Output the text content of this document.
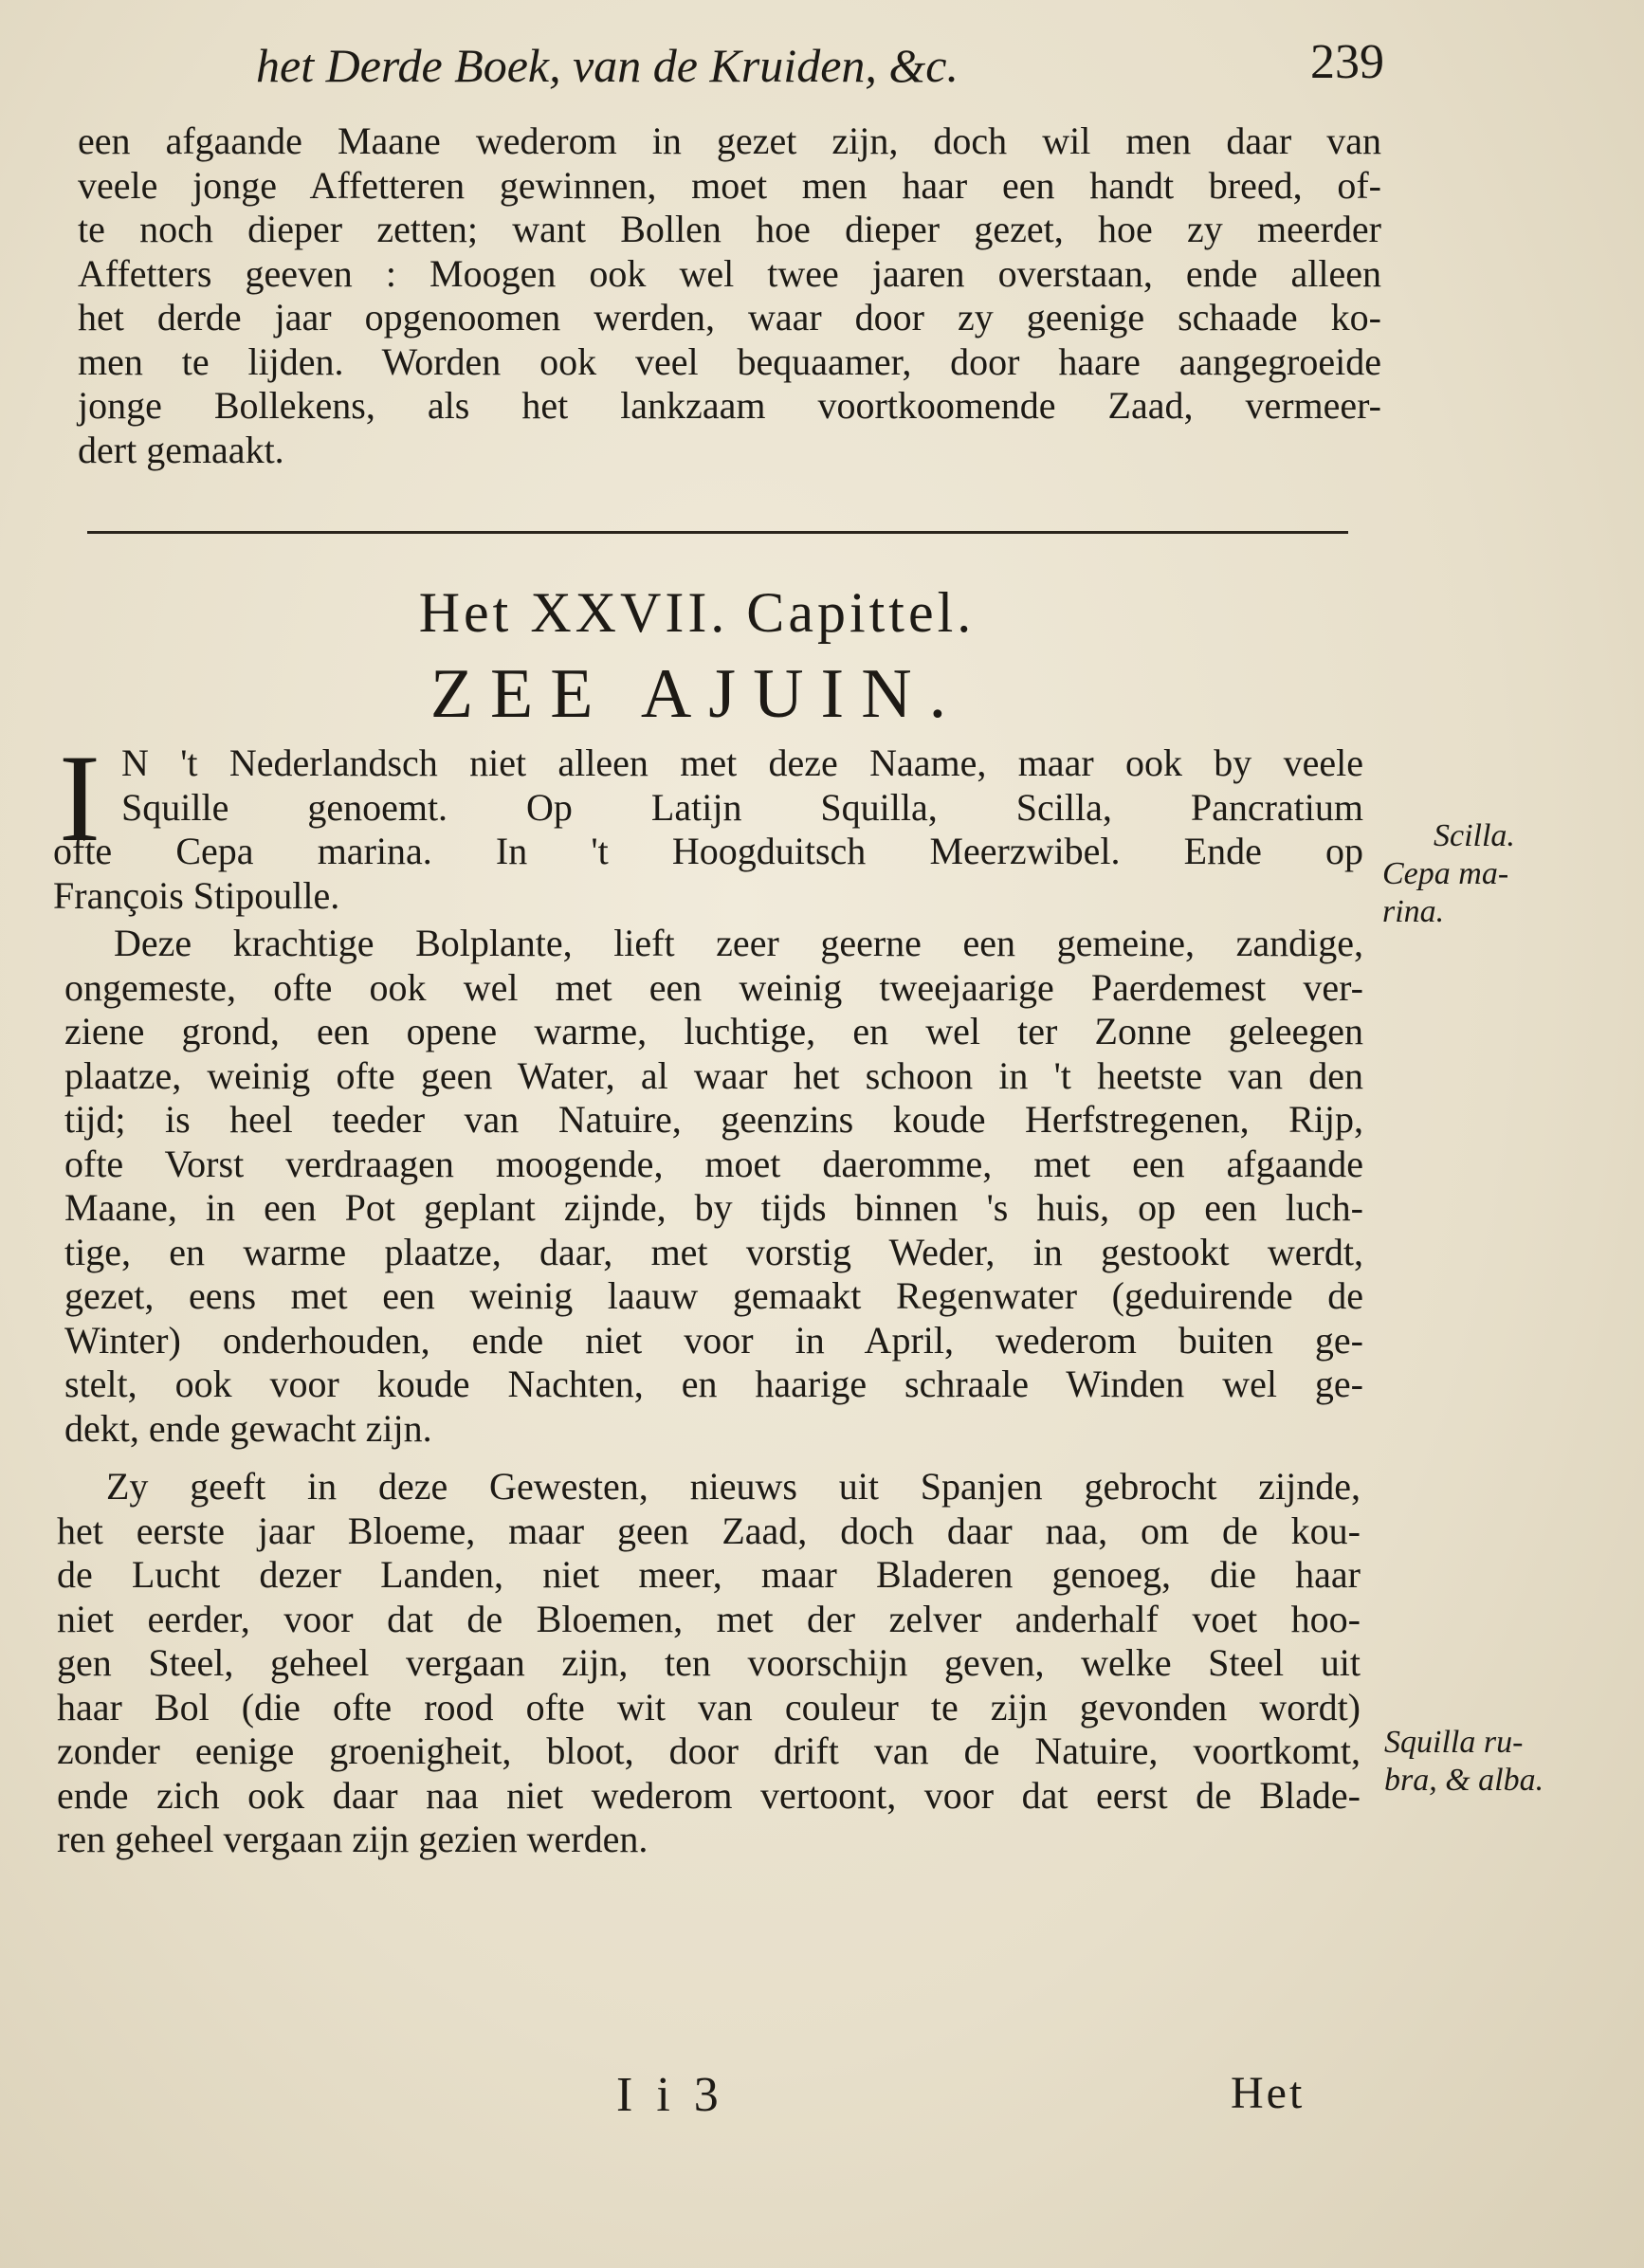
het Derde Boek, van de Kruiden, &c.	239
een afgaande Maane wederom in gezet zijn, doch wil men daar van
veele jonge Affetteren gewinnen, moet men haar een handt breed, of-
te noch dieper zetten; want Bollen hoe dieper gezet, hoe zy meerder
Affetters geeven : Moogen ook wel twee jaaren overstaan, ende alleen
het derde jaar opgenoomen werden, waar door zy geenige schaade ko-
men te lijden. Worden ook veel bequaamer, door haare aangegroeide
jonge Bollekens, als het lankzaam voortkoomende Zaad, vermeer-
dert gemaakt.
Het XXVII. Capittel.
ZEE AJUIN.
I N 't Nederlandsch niet alleen met deze Naame, maar ook by veele
Squille genoemt. Op Latijn Squilla, Scilla, Pancratium
ofte Cepa marina. In 't Hoogduitsch Meerzwibel. Ende op
François Stipoulle.
Deze krachtige Bolplante, lieft zeer geerne een gemeine, zandige,
ongemeste, ofte ook wel met een weinig tweejaarige Paerdemest ver-
ziene grond, een opene warme, luchtige, en wel ter Zonne geleegen
plaatze, weinig ofte geen Water, al waar het schoon in 't heetste van den
tijd; is heel teeder van Natuire, geenzins koude Herfstregenen, Rijp,
ofte Vorst verdraagen moogende, moet daeromme, met een afgaande
Maane, in een Pot geplant zijnde, by tijds binnen 's huis, op een luch-
tige, en warme plaatze, daar, met vorstig Weder, in gestookt werdt,
gezet, eens met een weinig laauw gemaakt Regenwater (geduirende de
Winter) onderhouden, ende niet voor in April, wederom buiten ge-
stelt, ook voor koude Nachten, en haarige schraale Winden wel ge-
dekt, ende gewacht zijn.
Zy geeft in deze Gewesten, nieuws uit Spanjen gebrocht zijnde,
het eerste jaar Bloeme, maar geen Zaad, doch daar naa, om de kou-
de Lucht dezer Landen, niet meer, maar Bladeren genoeg, die haar
niet eerder, voor dat de Bloemen, met der zelver anderhalf voet hoo-
gen Steel, geheel vergaan zijn, ten voorschijn geven, welke Steel uit
haar Bol (die ofte rood ofte wit van couleur te zijn gevonden wordt)
zonder eenige groenigheit, bloot, door drift van de Natuire, voortkomt,
ende zich ook daar naa niet wederom vertoont, voor dat eerst de Blade-
ren geheel vergaan zijn gezien werden.
Scilla.
Cepa ma-
rina.
Squilla ru-
bra, & alba.
I i 3	Het
